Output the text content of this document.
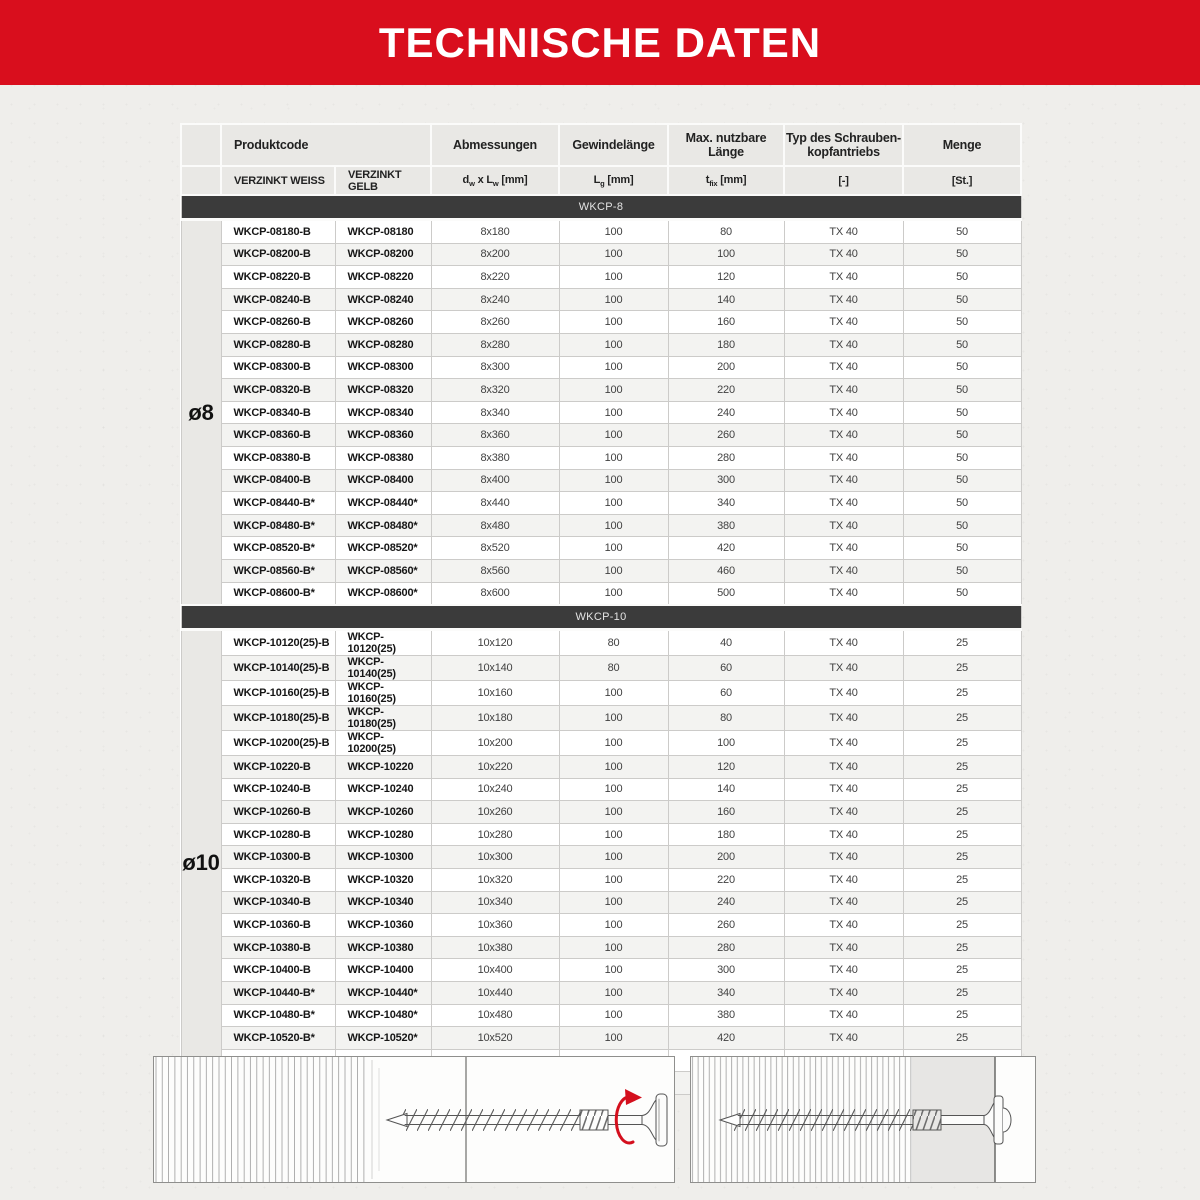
TECHNISCHE DATEN
	Produktcode		Abmessungen	Gewindelänge	Max. nutzbare Länge	Typ des Schrauben-
kopfantriebs	Menge
	VERZINKT WEISS	VERZINKT GELB	$d_w$ x $L_w$ [mm]	$L_g$ [mm]	$t_{fix}$ [mm]	[-]	[St.]
WKCP-8							
ø8	WKCP-08180-B	WKCP-08180	8x180	100	80	TX 40	50
	WKCP-08200-B	WKCP-08200	8x200	100	100	TX 40	50
	WKCP-08220-B	WKCP-08220	8x220	100	120	TX 40	50
	WKCP-08240-B	WKCP-08240	8x240	100	140	TX 40	50
	WKCP-08260-B	WKCP-08260	8x260	100	160	TX 40	50
	WKCP-08280-B	WKCP-08280	8x280	100	180	TX 40	50
	WKCP-08300-B	WKCP-08300	8x300	100	200	TX 40	50
	WKCP-08320-B	WKCP-08320	8x320	100	220	TX 40	50
	WKCP-08340-B	WKCP-08340	8x340	100	240	TX 40	50
	WKCP-08360-B	WKCP-08360	8x360	100	260	TX 40	50
	WKCP-08380-B	WKCP-08380	8x380	100	280	TX 40	50
	WKCP-08400-B	WKCP-08400	8x400	100	300	TX 40	50
	WKCP-08440-B*	WKCP-08440*	8x440	100	340	TX 40	50
	WKCP-08480-B*	WKCP-08480*	8x480	100	380	TX 40	50
	WKCP-08520-B*	WKCP-08520*	8x520	100	420	TX 40	50
	WKCP-08560-B*	WKCP-08560*	8x560	100	460	TX 40	50
	WKCP-08600-B*	WKCP-08600*	8x600	100	500	TX 40	50
WKCP-10							
ø10	WKCP-10120(25)-B	WKCP-10120(25)	10x120	80	40	TX 40	25
	WKCP-10140(25)-B	WKCP-10140(25)	10x140	80	60	TX 40	25
	WKCP-10160(25)-B	WKCP-10160(25)	10x160	100	60	TX 40	25
	WKCP-10180(25)-B	WKCP-10180(25)	10x180	100	80	TX 40	25
	WKCP-10200(25)-B	WKCP-10200(25)	10x200	100	100	TX 40	25
	WKCP-10220-B	WKCP-10220	10x220	100	120	TX 40	25
	WKCP-10240-B	WKCP-10240	10x240	100	140	TX 40	25
	WKCP-10260-B	WKCP-10260	10x260	100	160	TX 40	25
	WKCP-10280-B	WKCP-10280	10x280	100	180	TX 40	25
	WKCP-10300-B	WKCP-10300	10x300	100	200	TX 40	25
	WKCP-10320-B	WKCP-10320	10x320	100	220	TX 40	25
	WKCP-10340-B	WKCP-10340	10x340	100	240	TX 40	25
	WKCP-10360-B	WKCP-10360	10x360	100	260	TX 40	25
	WKCP-10380-B	WKCP-10380	10x380	100	280	TX 40	25
	WKCP-10400-B	WKCP-10400	10x400	100	300	TX 40	25
	WKCP-10440-B*	WKCP-10440*	10x440	100	340	TX 40	25
	WKCP-10480-B*	WKCP-10480*	10x480	100	380	TX 40	25
	WKCP-10520-B*	WKCP-10520*	10x520	100	420	TX 40	25
